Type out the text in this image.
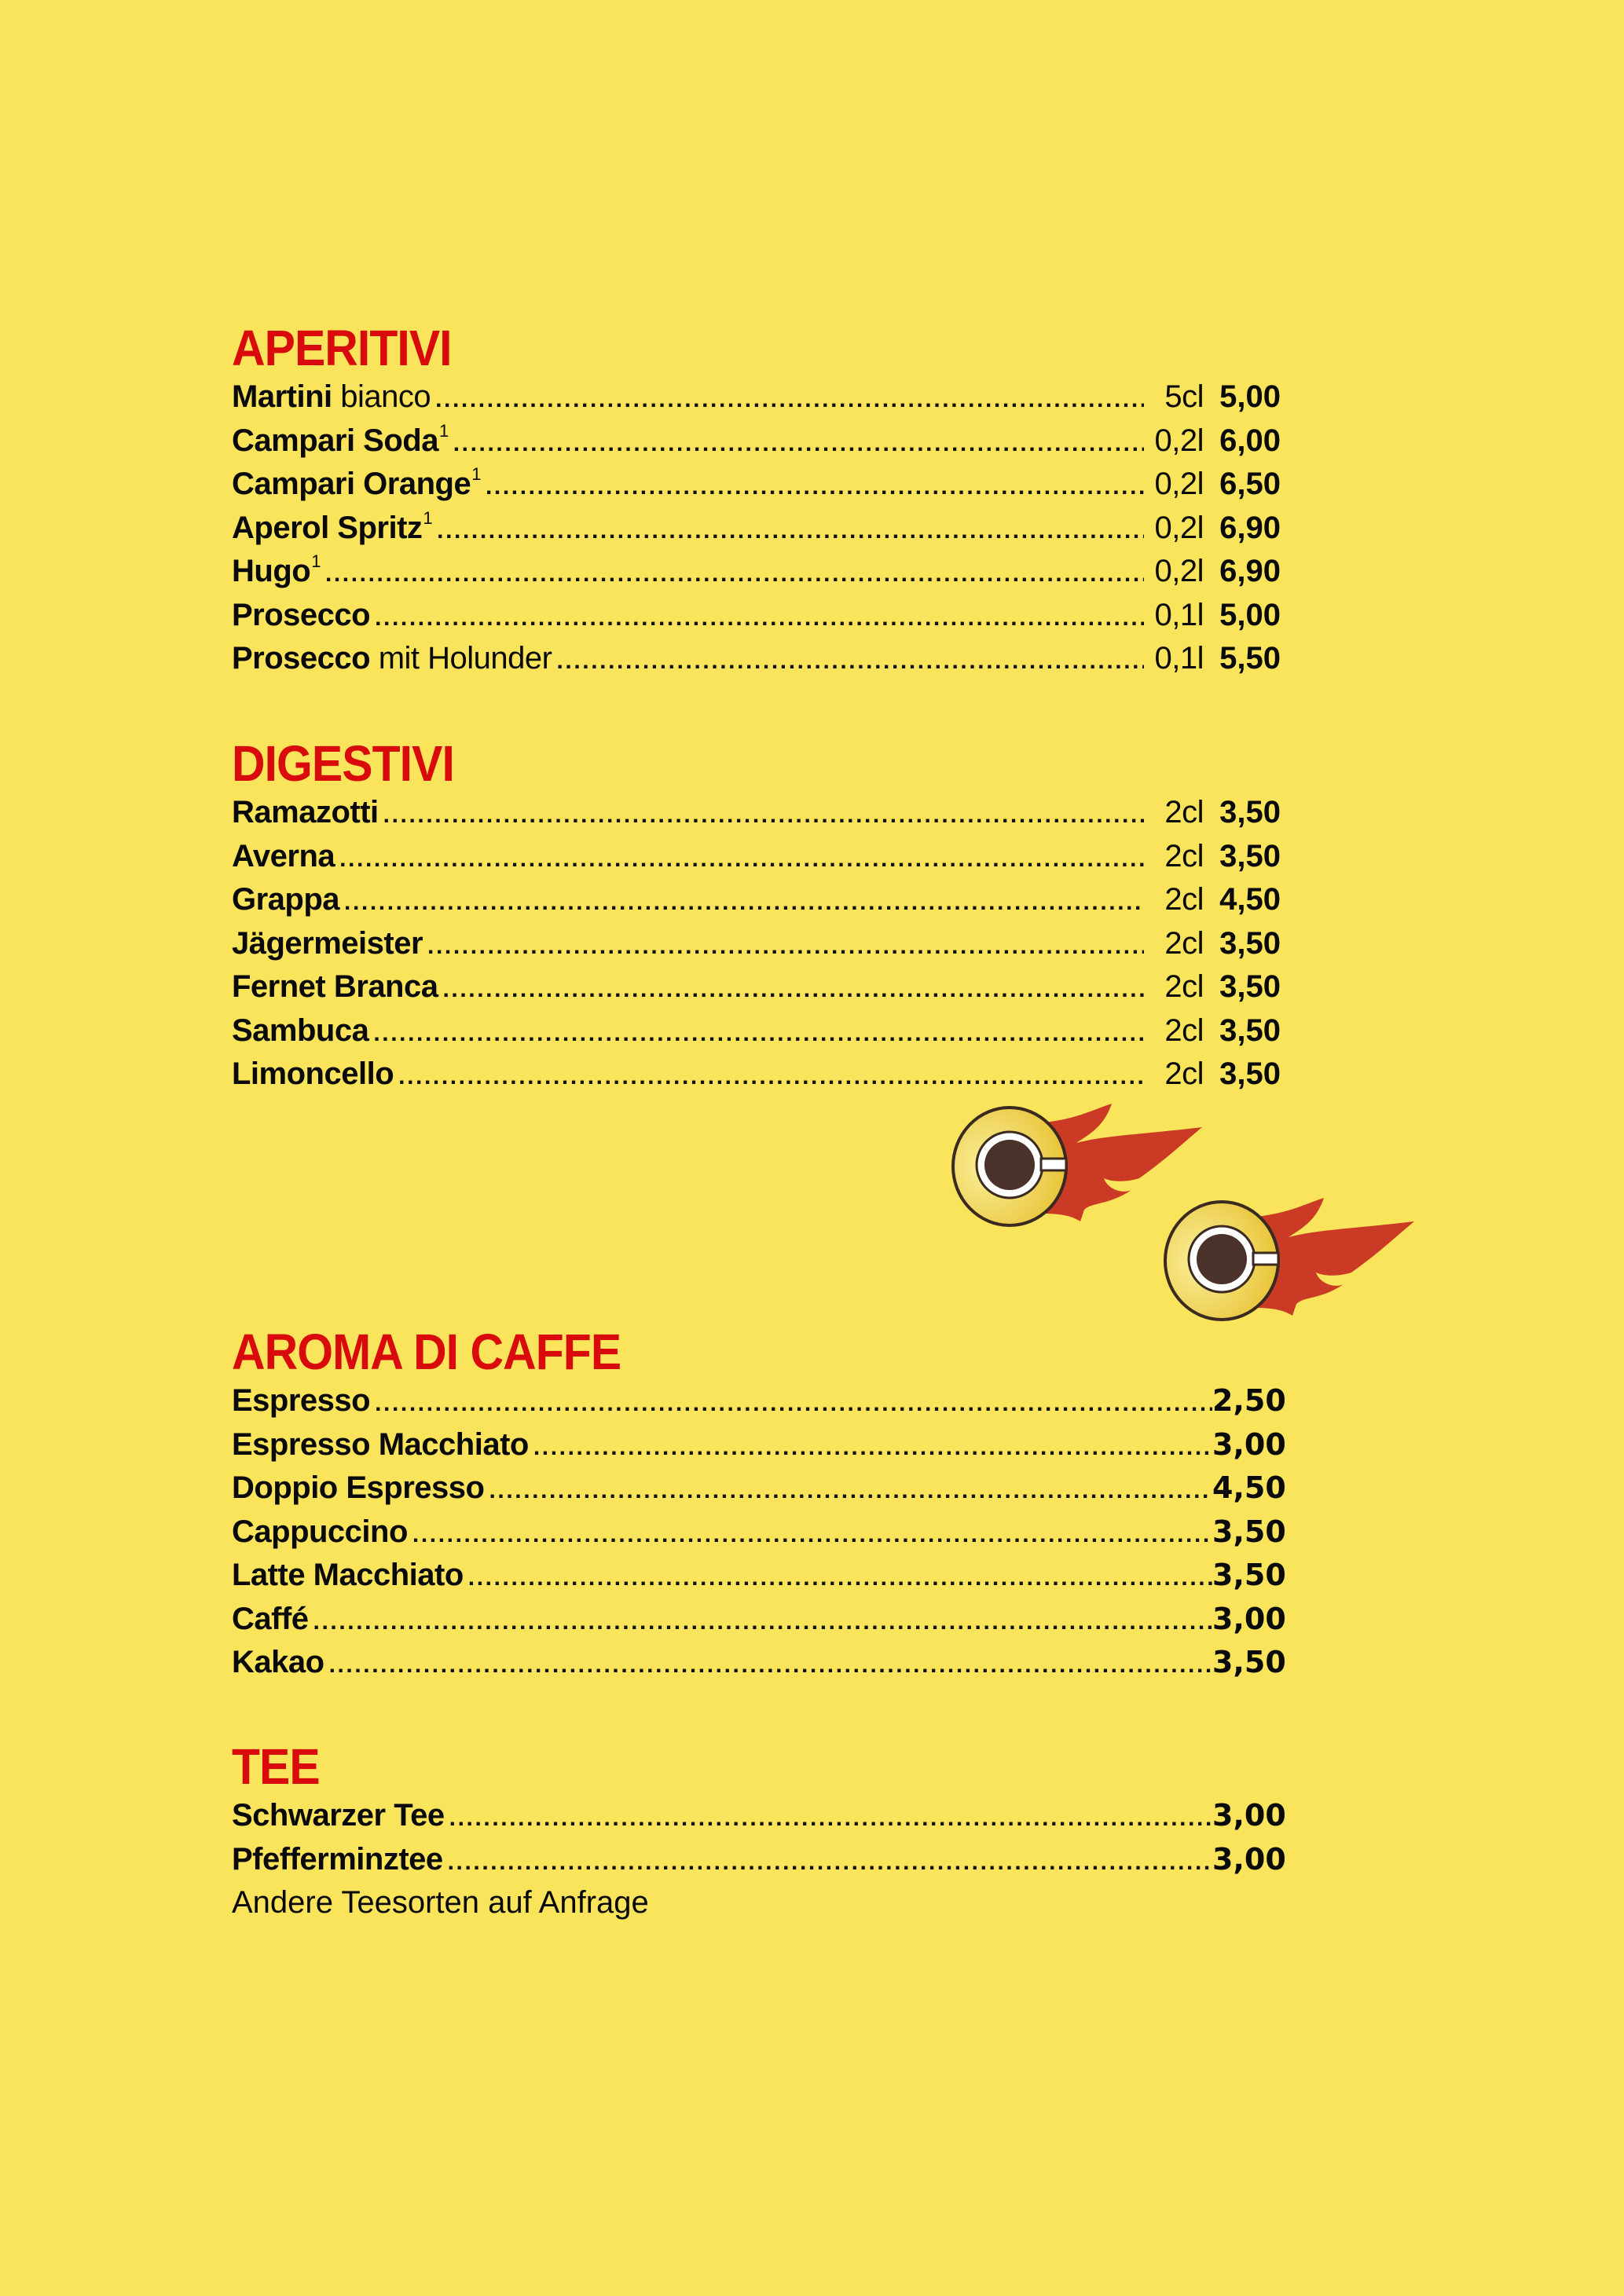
APERITIVI
Martini bianco .....	5cl 5,00
Campari Soda$^1$ .....	0,2l 6,00
Campari Orange$^1$ .....	0,2l 6,50
Aperol Spritz$^1$ .....	0,2l 6,90
Hugo$^1$ .....	0,2l 6,90
Prosecco .....	0,1l 5,00
Prosecco mit Holunder .....	0,1l 5,50
DIGESTIVI
Ramazotti .....	2cl 3,50
Averna .....	2cl 3,50
Grappa .....	2cl 4,50
Jägermeister .....	2cl 3,50
Fernet Branca .....	2cl 3,50
Sambuca .....	2cl 3,50
Limoncello .....	2cl 3,50
AROMA DI CAFFE
Espresso .....	2,50
Espresso Macchiato .....	3,00
Doppio Espresso .....	4,50
Cappuccino .....	3,50
Latte Macchiato .....	3,50
Caffé .....	3,00
Kakao .....	3,50
TEE
Schwarzer Tee .....	3,00
Pfefferminztee .....	3,00
Andere Teesorten auf Anfrage
